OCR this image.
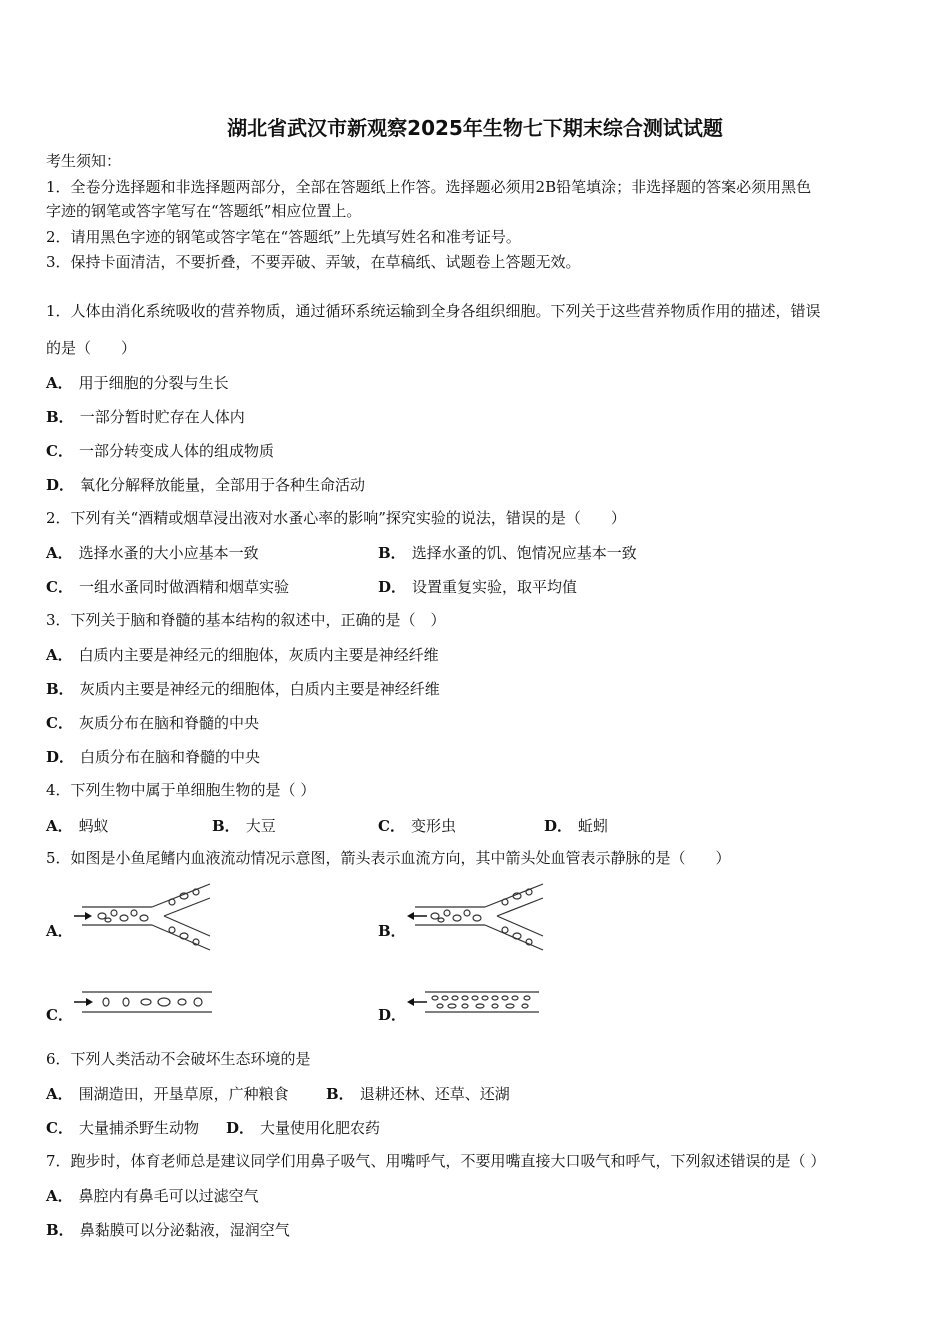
湖北省武汉市新观察2025年生物七下期末综合测试试题
考生须知：
1．全卷分选择题和非选择题两部分，全部在答题纸上作答。选择题必须用2B铅笔填涂；非选择题的答案必须用黑色
字迹的钢笔或答字笔写在“答题纸”相应位置上。
2．请用黑色字迹的钢笔或答字笔在“答题纸”上先填写姓名和准考证号。
3．保持卡面清洁，不要折叠，不要弄破、弄皱，在草稿纸、试题卷上答题无效。
1．人体由消化系统吸收的营养物质，通过循环系统运输到全身各组织细胞。下列关于这些营养物质作用的描述，错误
的是（　　）
A． 用于细胞的分裂与生长
B． 一部分暂时贮存在人体内
C． 一部分转变成人体的组成物质
D． 氧化分解释放能量，全部用于各种生命活动
2．下列有关“酒精或烟草浸出液对水蚤心率的影响”探究实验的说法，错误的是（　　）
A． 选择水蚤的大小应基本一致	B． 选择水蚤的饥、饱情况应基本一致
C． 一组水蚤同时做酒精和烟草实验	D． 设置重复实验，取平均值
3．下列关于脑和脊髓的基本结构的叙述中，正确的是（　）
A． 白质内主要是神经元的细胞体，灰质内主要是神经纤维
B． 灰质内主要是神经元的细胞体，白质内主要是神经纤维
C． 灰质分布在脑和脊髓的中央
D． 白质分布在脑和脊髓的中央
4．下列生物中属于单细胞生物的是（ ）
A． 蚂蚁	B． 大豆	C． 变形虫	D． 蚯蚓
5．如图是小鱼尾鳍内血液流动情况示意图，箭头表示血流方向，其中箭头处血管表示静脉的是（　　）
A．	B．
C．	D．
6．下列人类活动不会破坏生态环境的是
A． 围湖造田，开垦草原，广种粮食 B． 退耕还林、还草、还湖
C． 大量捕杀野生动物 D． 大量使用化肥农药
7．跑步时，体育老师总是建议同学们用鼻子吸气、用嘴呼气，不要用嘴直接大口吸气和呼气，下列叙述错误的是（ ）
A． 鼻腔内有鼻毛可以过滤空气
B． 鼻黏膜可以分泌黏液，湿润空气
